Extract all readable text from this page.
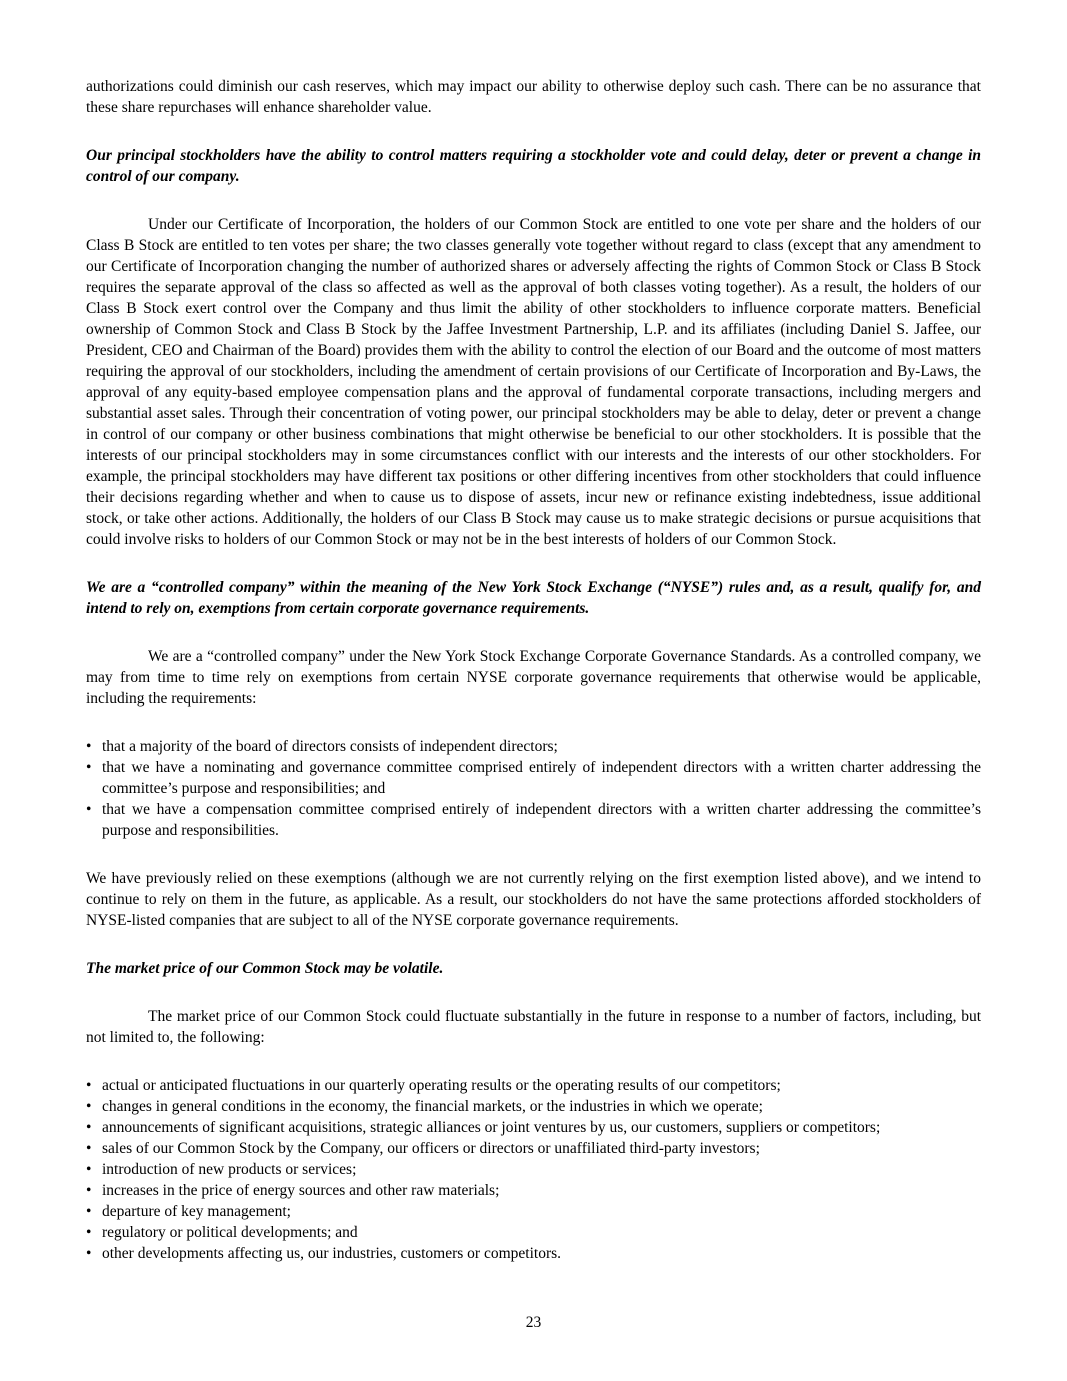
authorizations could diminish our cash reserves, which may impact our ability to otherwise deploy such cash. There can be no assurance that these share repurchases will enhance shareholder value.

Our principal stockholders have the ability to control matters requiring a stockholder vote and could delay, deter or prevent a change in control of our company.

Under our Certificate of Incorporation, the holders of our Common Stock are entitled to one vote per share and the holders of our Class B Stock are entitled to ten votes per share; the two classes generally vote together without regard to class (except that any amendment to our Certificate of Incorporation changing the number of authorized shares or adversely affecting the rights of Common Stock or Class B Stock requires the separate approval of the class so affected as well as the approval of both classes voting together). As a result, the holders of our Class B Stock exert control over the Company and thus limit the ability of other stockholders to influence corporate matters. Beneficial ownership of Common Stock and Class B Stock by the Jaffee Investment Partnership, L.P. and its affiliates (including Daniel S. Jaffee, our President, CEO and Chairman of the Board) provides them with the ability to control the election of our Board and the outcome of most matters requiring the approval of our stockholders, including the amendment of certain provisions of our Certificate of Incorporation and By-Laws, the approval of any equity-based employee compensation plans and the approval of fundamental corporate transactions, including mergers and substantial asset sales. Through their concentration of voting power, our principal stockholders may be able to delay, deter or prevent a change in control of our company or other business combinations that might otherwise be beneficial to our other stockholders. It is possible that the interests of our principal stockholders may in some circumstances conflict with our interests and the interests of our other stockholders. For example, the principal stockholders may have different tax positions or other differing incentives from other stockholders that could influence their decisions regarding whether and when to cause us to dispose of assets, incur new or refinance existing indebtedness, issue additional stock, or take other actions. Additionally, the holders of our Class B Stock may cause us to make strategic decisions or pursue acquisitions that could involve risks to holders of our Common Stock or may not be in the best interests of holders of our Common Stock.

We are a “controlled company” within the meaning of the New York Stock Exchange (“NYSE”) rules and, as a result, qualify for, and intend to rely on, exemptions from certain corporate governance requirements.

We are a “controlled company” under the New York Stock Exchange Corporate Governance Standards. As a controlled company, we may from time to time rely on exemptions from certain NYSE corporate governance requirements that otherwise would be applicable, including the requirements:

• that a majority of the board of directors consists of independent directors;
• that we have a nominating and governance committee comprised entirely of independent directors with a written charter addressing the committee’s purpose and responsibilities; and
• that we have a compensation committee comprised entirely of independent directors with a written charter addressing the committee’s purpose and responsibilities.

We have previously relied on these exemptions (although we are not currently relying on the first exemption listed above), and we intend to continue to rely on them in the future, as applicable. As a result, our stockholders do not have the same protections afforded stockholders of NYSE-listed companies that are subject to all of the NYSE corporate governance requirements.

The market price of our Common Stock may be volatile.

The market price of our Common Stock could fluctuate substantially in the future in response to a number of factors, including, but not limited to, the following:

• actual or anticipated fluctuations in our quarterly operating results or the operating results of our competitors;
• changes in general conditions in the economy, the financial markets, or the industries in which we operate;
• announcements of significant acquisitions, strategic alliances or joint ventures by us, our customers, suppliers or competitors;
• sales of our Common Stock by the Company, our officers or directors or unaffiliated third-party investors;
• introduction of new products or services;
• increases in the price of energy sources and other raw materials;
• departure of key management;
• regulatory or political developments; and
• other developments affecting us, our industries, customers or competitors.
23
